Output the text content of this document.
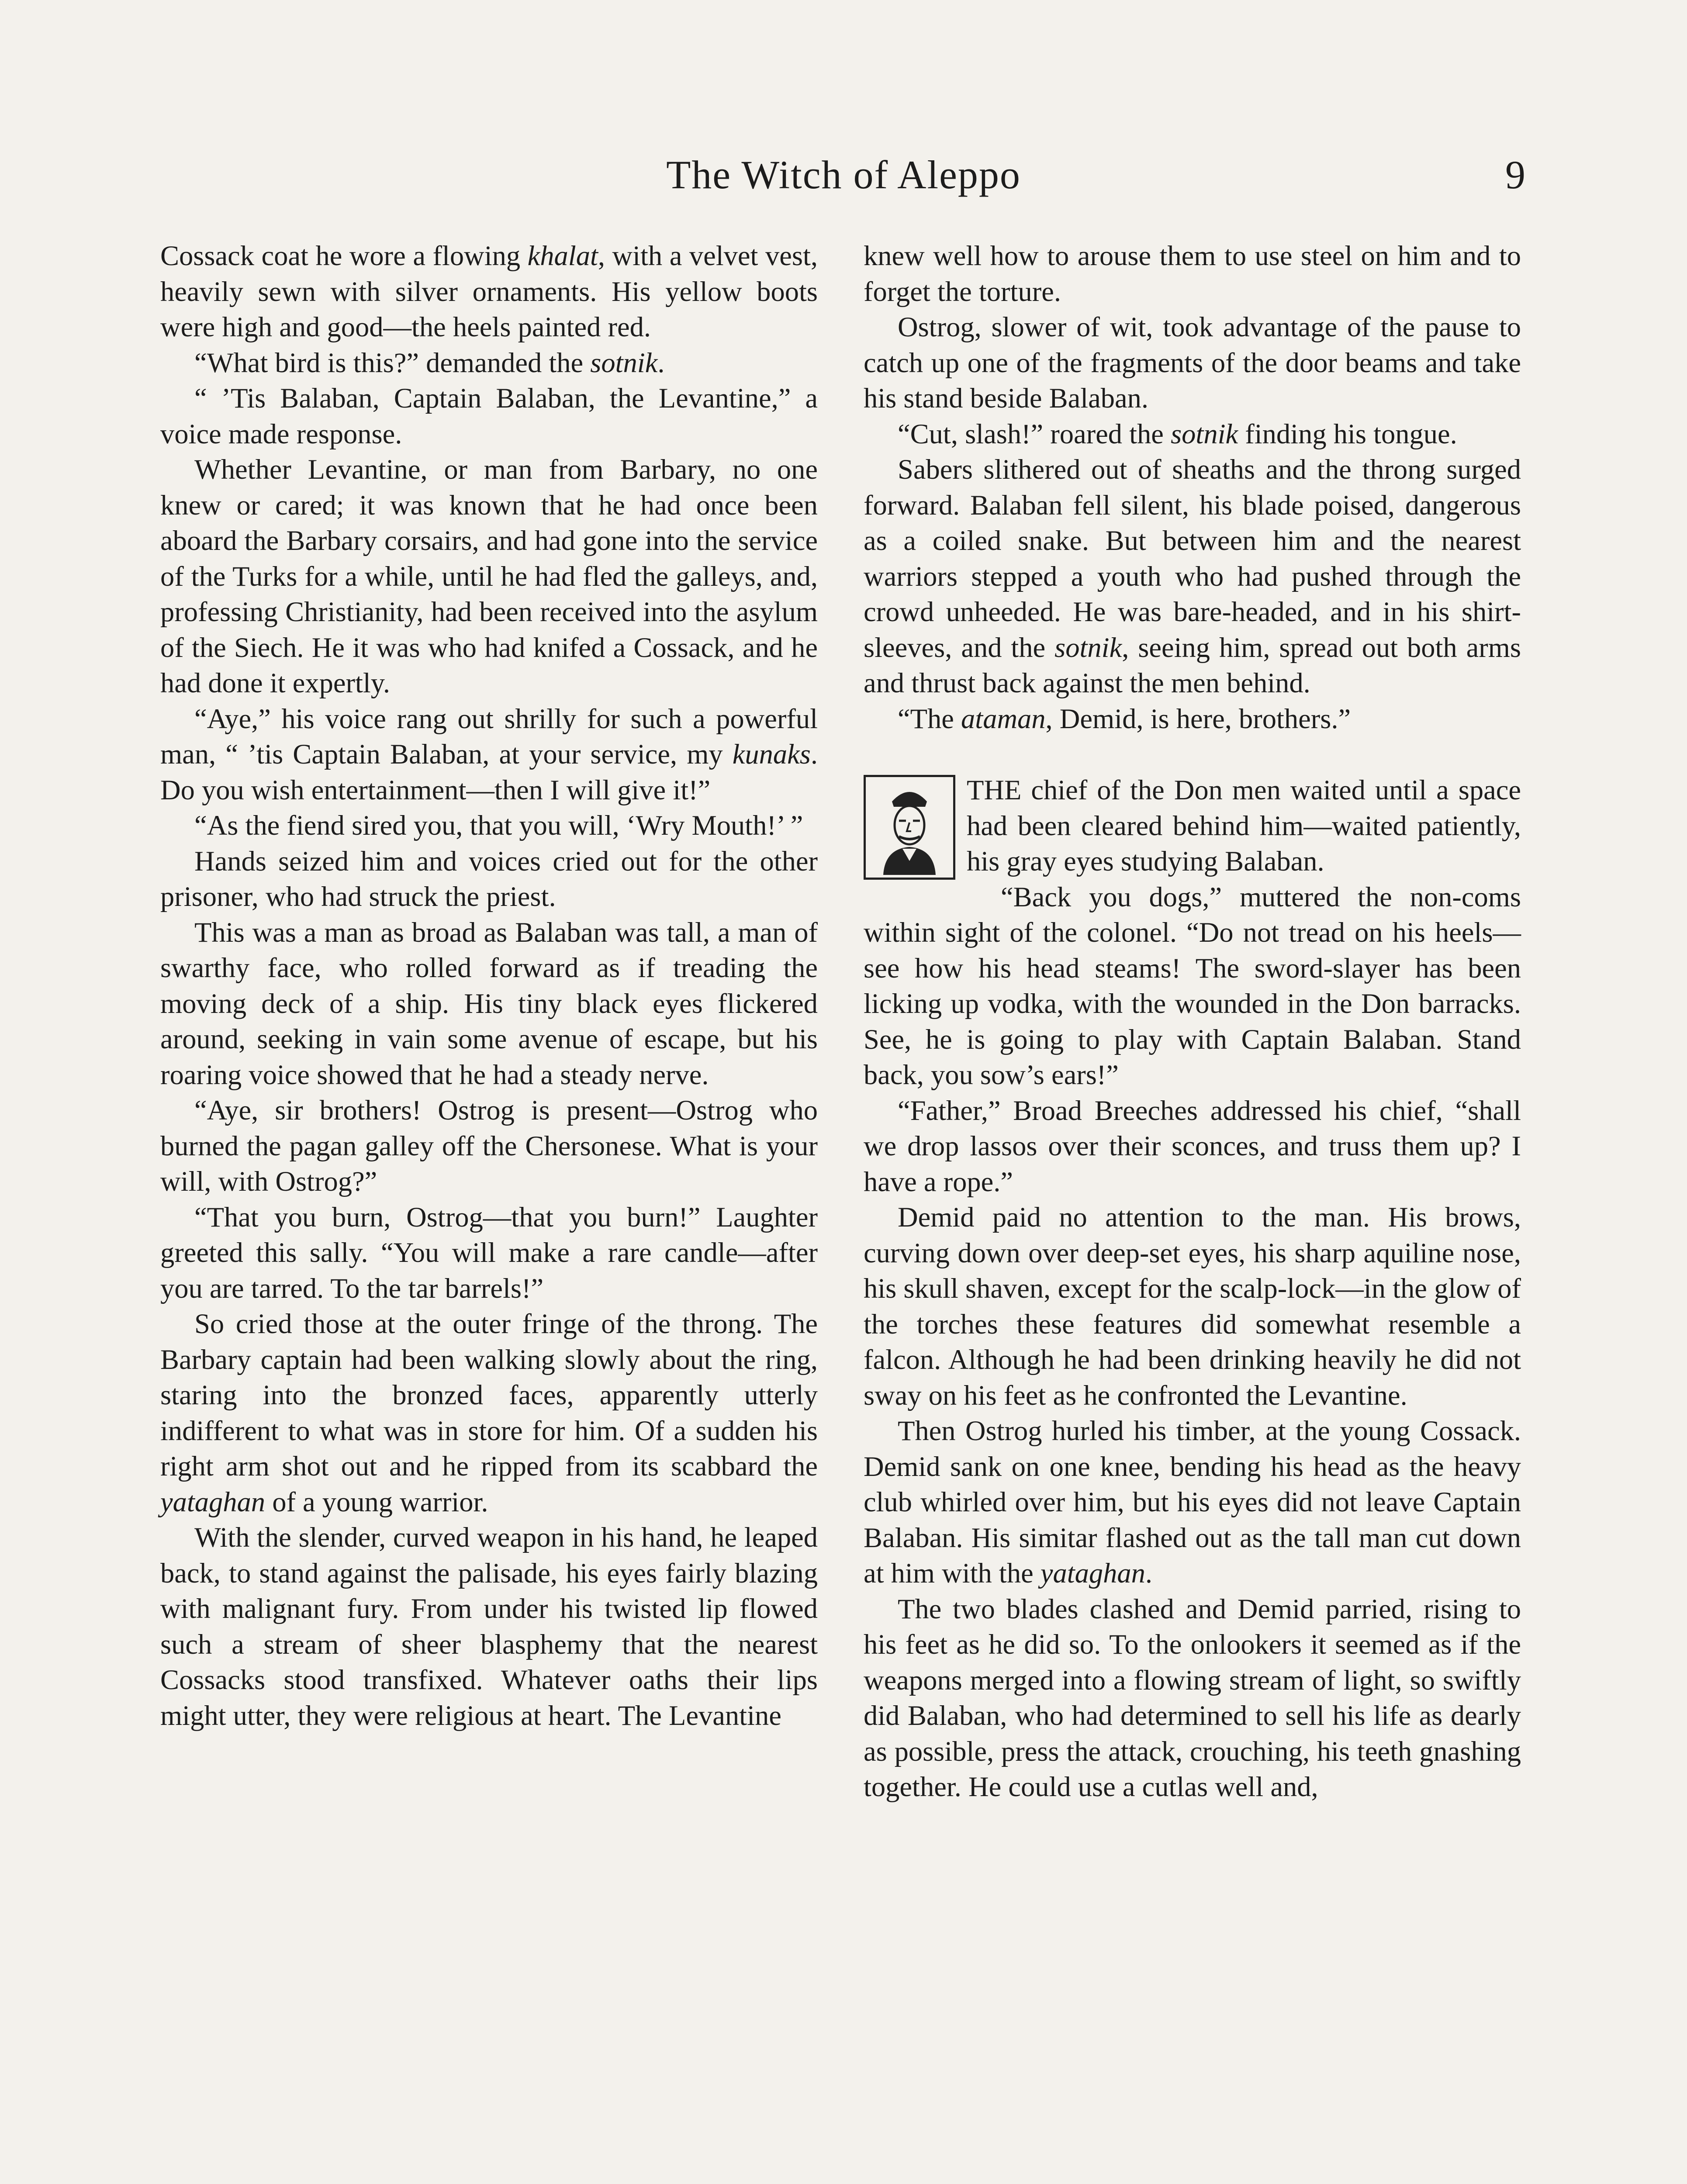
The Witch of Aleppo	9

Cossack coat he wore a flowing khalat, with a velvet vest, heavily sewn with silver ornaments. His yellow boots were high and good—the heels painted red.

“What bird is this?” demanded the sotnik.

“ ’Tis Balaban, Captain Balaban, the Levantine,” a voice made response.

Whether Levantine, or man from Barbary, no one knew or cared; it was known that he had once been aboard the Barbary corsairs, and had gone into the service of the Turks for a while, until he had fled the galleys, and, professing Christianity, had been received into the asylum of the Siech. He it was who had knifed a Cossack, and he had done it expertly.

“Aye,” his voice rang out shrilly for such a powerful man, “ ’tis Captain Balaban, at your service, my kunaks. Do you wish entertainment—then I will give it!”

“As the fiend sired you, that you will, ‘Wry Mouth!’ ”

Hands seized him and voices cried out for the other prisoner, who had struck the priest.

This was a man as broad as Balaban was tall, a man of swarthy face, who rolled forward as if treading the moving deck of a ship. His tiny black eyes flickered around, seeking in vain some avenue of escape, but his roaring voice showed that he had a steady nerve.

“Aye, sir brothers! Ostrog is present—Ostrog who burned the pagan galley off the Chersonese. What is your will, with Ostrog?”

“That you burn, Ostrog—that you burn!” Laughter greeted this sally. “You will make a rare candle—after you are tarred. To the tar barrels!”

So cried those at the outer fringe of the throng. The Barbary captain had been walking slowly about the ring, staring into the bronzed faces, apparently utterly indifferent to what was in store for him. Of a sudden his right arm shot out and he ripped from its scabbard the yataghan of a young warrior.

With the slender, curved weapon in his hand, he leaped back, to stand against the palisade, his eyes fairly blazing with malignant fury. From under his twisted lip flowed such a stream of sheer blasphemy that the nearest Cossacks stood transfixed. Whatever oaths their lips might utter, they were religious at heart. The Levantine

knew well how to arouse them to use steel on him and to forget the torture.

Ostrog, slower of wit, took advantage of the pause to catch up one of the fragments of the door beams and take his stand beside Balaban.

“Cut, slash!” roared the sotnik finding his tongue.

Sabers slithered out of sheaths and the throng surged forward. Balaban fell silent, his blade poised, dangerous as a coiled snake. But between him and the nearest warriors stepped a youth who had pushed through the crowd unheeded. He was bare-headed, and in his shirt-sleeves, and the sotnik, seeing him, spread out both arms and thrust back against the men behind.

“The ataman, Demid, is here, brothers.”

THE chief of the Don men waited until a space had been cleared behind him—waited patiently, his gray eyes studying Balaban.

“Back you dogs,” muttered the non-coms within sight of the colonel. “Do not tread on his heels—see how his head steams! The sword-slayer has been licking up vodka, with the wounded in the Don barracks. See, he is going to play with Captain Balaban. Stand back, you sow’s ears!”

“Father,” Broad Breeches addressed his chief, “shall we drop lassos over their sconces, and truss them up? I have a rope.”

Demid paid no attention to the man. His brows, curving down over deep-set eyes, his sharp aquiline nose, his skull shaven, except for the scalp-lock—in the glow of the torches these features did somewhat resemble a falcon. Although he had been drinking heavily he did not sway on his feet as he confronted the Levantine.

Then Ostrog hurled his timber, at the young Cossack. Demid sank on one knee, bending his head as the heavy club whirled over him, but his eyes did not leave Captain Balaban. His simitar flashed out as the tall man cut down at him with the yataghan.

The two blades clashed and Demid parried, rising to his feet as he did so. To the onlookers it seemed as if the weapons merged into a flowing stream of light, so swiftly did Balaban, who had determined to sell his life as dearly as possible, press the attack, crouching, his teeth gnashing together. He could use a cutlas well and,
